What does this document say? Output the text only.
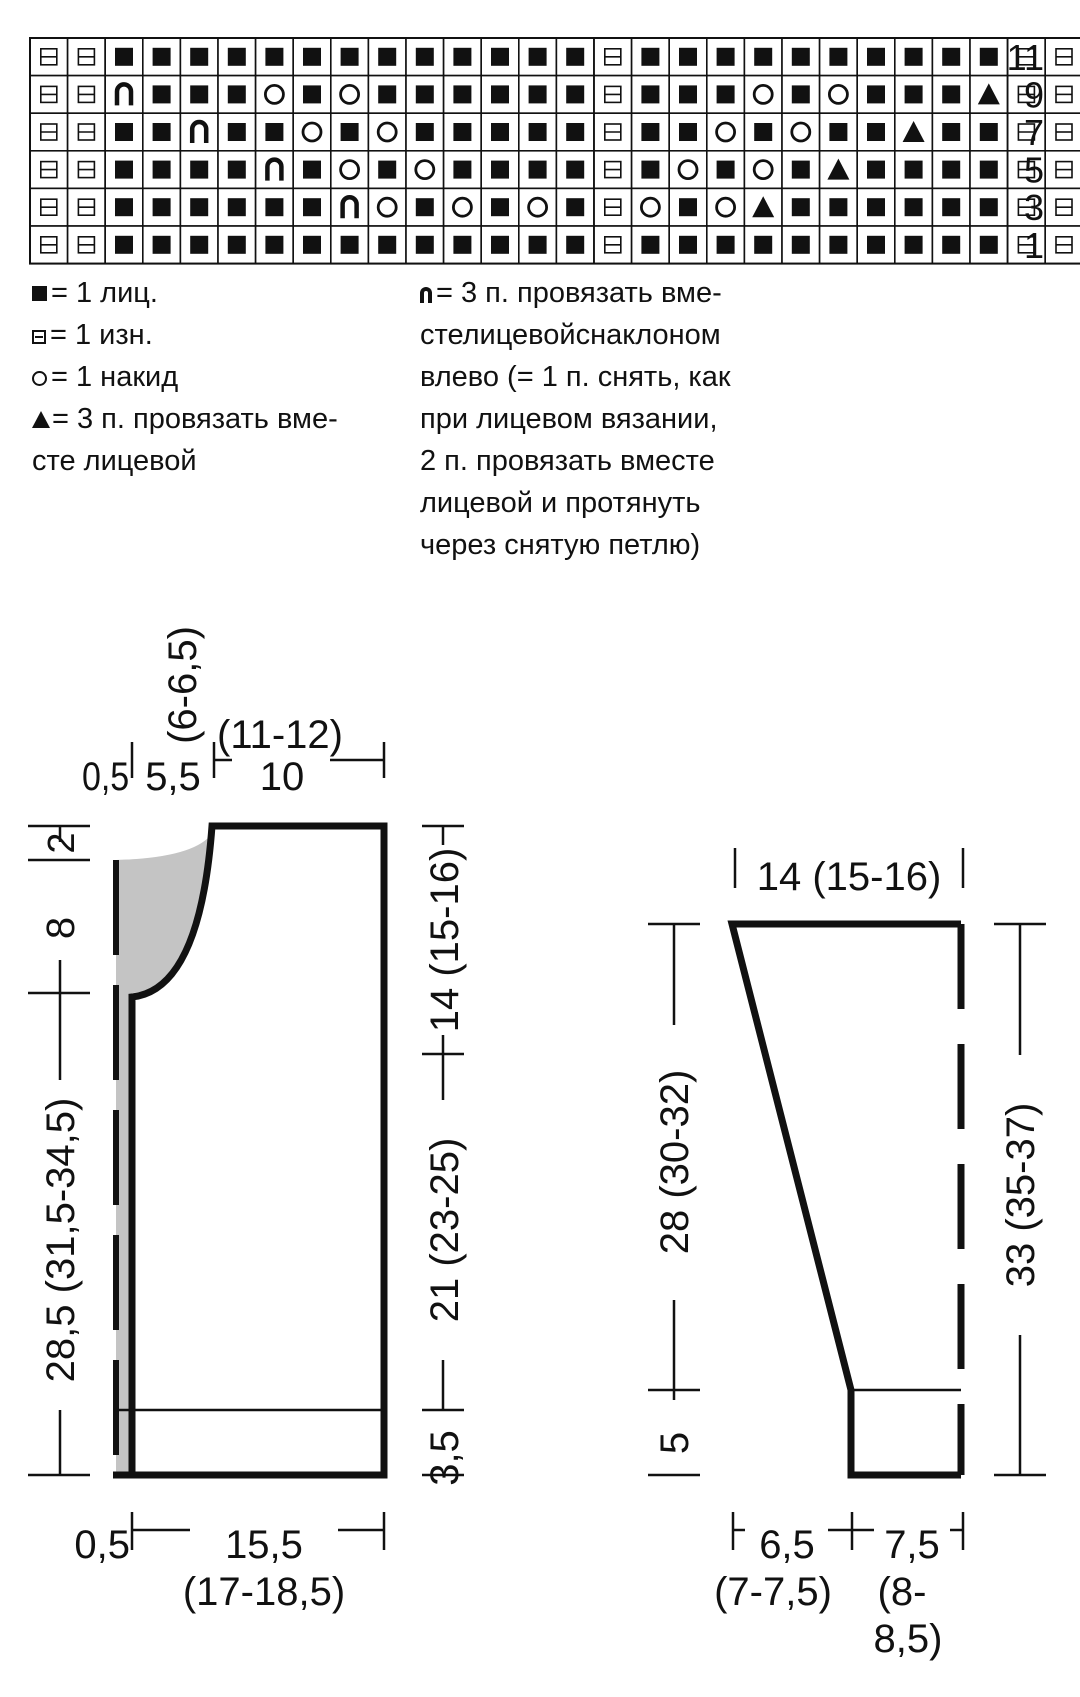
11
9
7
5
3
1
0,5 5,5 10
(11-12)
(6-6,5)
2
8
28,5 (31,5-34,5)
14 (15-16)
21 (23-25)
3,5
0,5 15,5
(17-18,5)
14 (15-16)
28 (30-32)
5
33 (35-37)
6,5
(7-7,5)
7,5
(8-
8,5)
= 1 лиц.
= 1 изн.
= 1 накид
= 3 п. провязать вме-
сте лицевой
= 3 п. провязать вме-
стелицевойснаклоном
влево (= 1 п. снять, как
при лицевом вязании,
2 п. провязать вместе
лицевой и протянуть
через снятую петлю)
